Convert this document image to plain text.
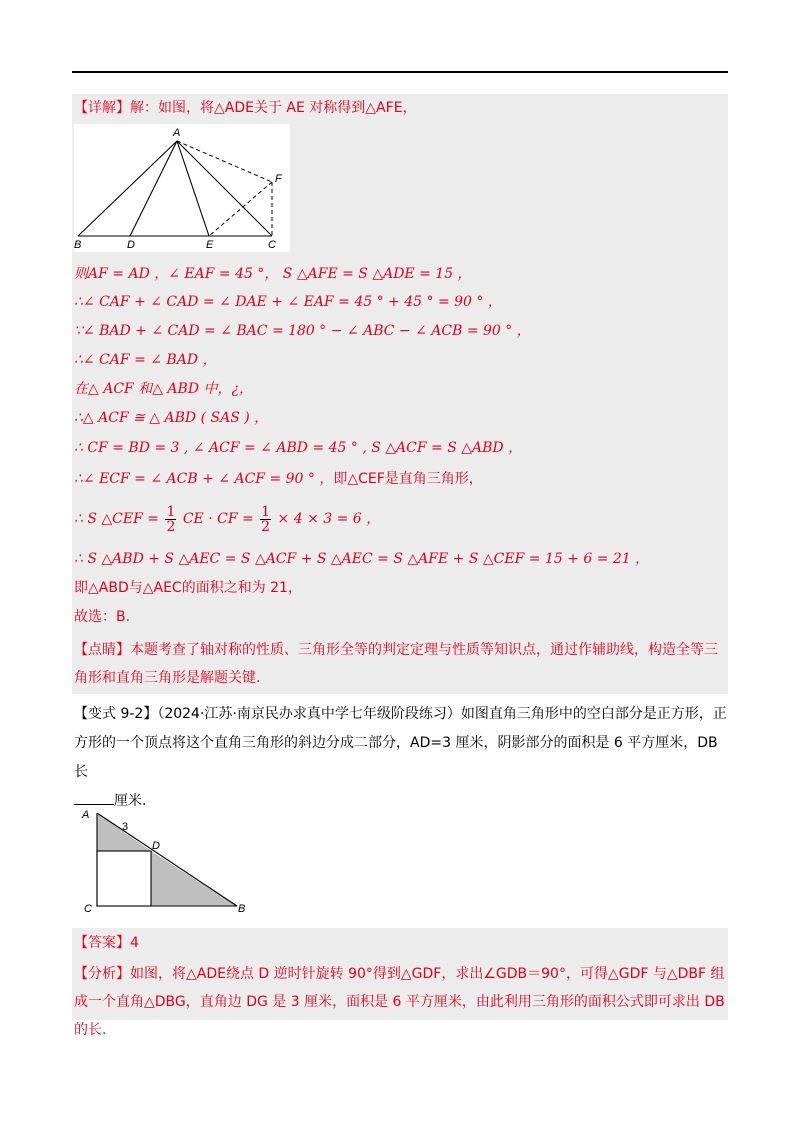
【详解】解：如图，将△ADE关于 AE 对称得到△AFE，
A
B	D	E	C
F
则AF = AD ，∠ EAF = 45 °， S △AFE = S △ADE = 15 ，
∴∠ CAF + ∠ CAD = ∠ DAE + ∠ EAF = 45 ° + 45 ° = 90 ° ，
∵∠ BAD + ∠ CAD = ∠ BAC = 180 ° − ∠ ABC − ∠ ACB = 90 ° ，
∴∠ CAF = ∠ BAD ，
在△ ACF 和△ ABD 中，¿，
∴△ ACF ≅ △ ABD ( SAS ) ，
∴ CF = BD = 3 , ∠ ACF = ∠ ABD = 45 ° , S △ACF = S △ABD ，
∴∠ ECF = ∠ ACB + ∠ ACF = 90 ° ，即△CEF是直角三角形，
∴ S △CEF = $\frac{1}{2}$ CE · CF = $\frac{1}{2} \times 4 \times 3 = 6$ ，
∴ S △ABD + S △AEC = S △ACF + S △AEC = S △AFE + S △CEF = 15 + 6 = 21 ，
即△ABD与△AEC的面积之和为 21，
故选：B.
【点睛】本题考查了轴对称的性质、三角形全等的判定定理与性质等知识点，通过作辅助线，构造全等三角形和直角三角形是解题关键.
【变式 9-2】（2024·江苏·南京民办求真中学七年级阶段练习）如图直角三角形中的空白部分是正方形，正方形的一个顶点将这个直角三角形的斜边分成二部分，AD=3 厘米，阴影部分的面积是 6 平方厘米，DB长
厘米.
A
3
D
C	B
【答案】4
【分析】如图，将△ADE绕点 D 逆时针旋转 90°得到△GDF，求出∠GDB＝90°，可得△GDF 与△DBF 组成一个直角△DBG，直角边 DG 是 3 厘米，面积是 6 平方厘米，由此利用三角形的面积公式即可求出 DB 的长.
